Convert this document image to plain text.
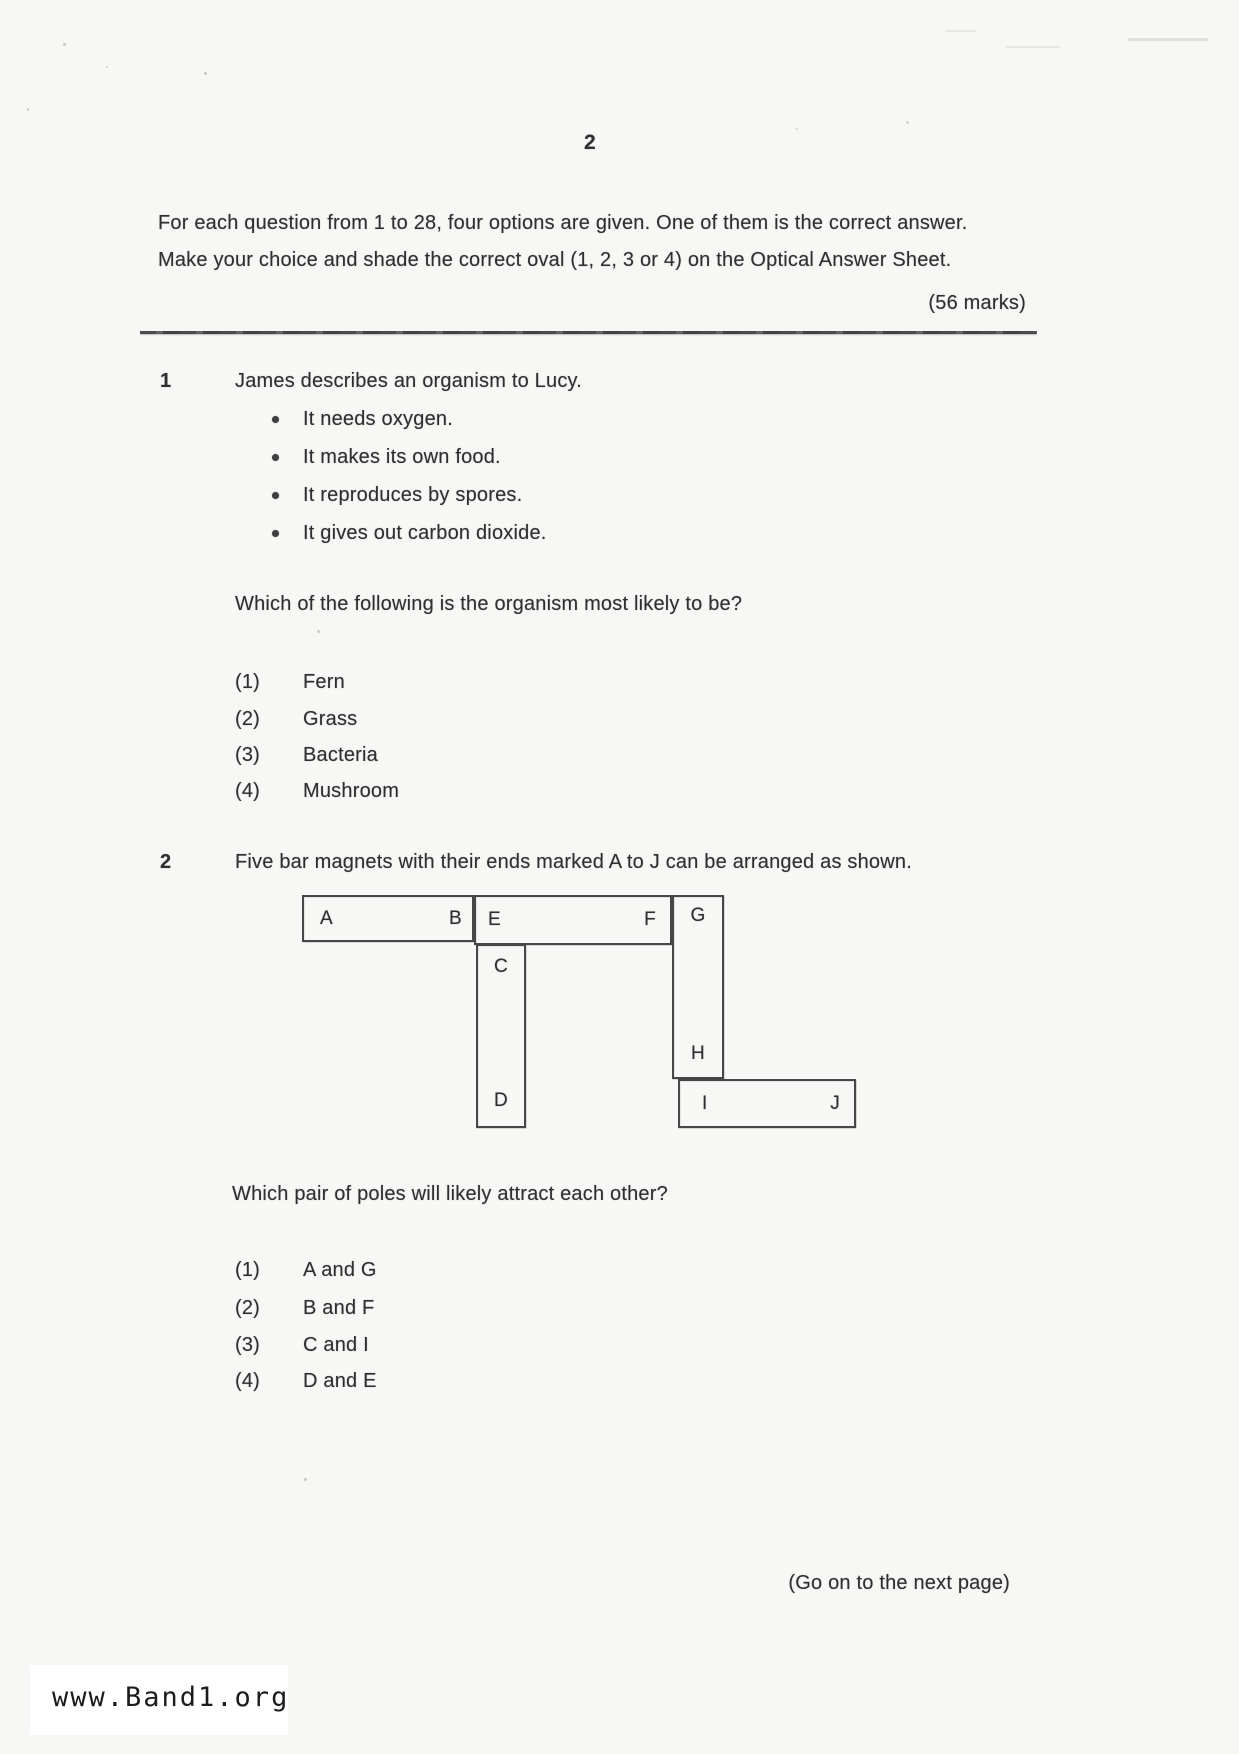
2

For each question from 1 to 28, four options are given. One of them is the correct answer.

Make your choice and shade the correct oval (1, 2, 3 or 4) on the Optical Answer Sheet.

(56 marks)
1	James describes an organism to Lucy.
It needs oxygen.
It makes its own food.
It reproduces by spores.
It gives out carbon dioxide.
Which of the following is the organism most likely to be?
(1) Fern
(2) Grass
(3) Bacteria
(4) Mushroom
2	Five bar magnets with their ends marked A to J can be arranged as shown.
A	B E	F G
H
C
D	I	J
Which pair of poles will likely attract each other?
(1) A and G
(2) B and F
(3) C and I
(4) D and E
(Go on to the next page)
www.Band1.org
